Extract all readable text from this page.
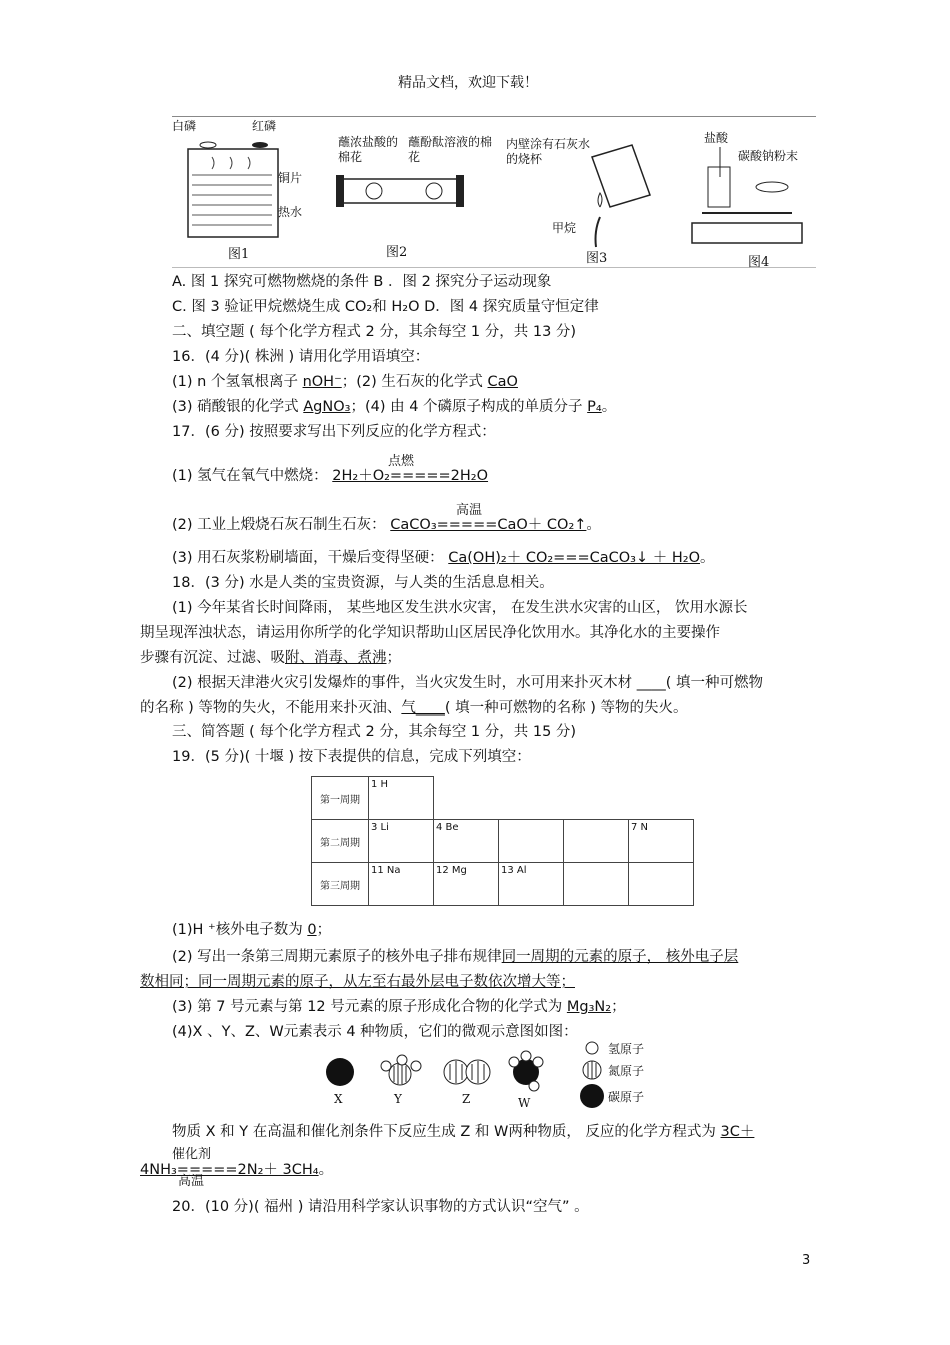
精品文档，欢迎下载！
白磷	红磷
铜片
热水
图1
蘸浓盐酸的棉花
蘸酚酞溶液的棉花
图2
内壁涂有石灰水的烧杯
甲烷
图3
盐酸
碳酸钠粉末
图4
A. 图 1 探究可燃物燃烧的条件 B ．图 2 探究分子运动现象
C. 图 3 验证甲烷燃烧生成 CO₂和 H₂O D．图 4 探究质量守恒定律
二、填空题 ( 每个化学方程式 2 分，其余每空 1 分，共 13 分)
16．(4 分)( 株洲 ) 请用化学用语填空：
(1) n 个氢氧根离子 nOH⁻；(2) 生石灰的化学式 CaO
(3) 硝酸银的化学式 AgNO₃；(4) 由 4 个磷原子构成的单质分子 P₄。
17．(6 分) 按照要求写出下列反应的化学方程式：
点燃
(1) 氢气在氧气中燃烧： 2H₂＋O₂=====2H₂O
高温
(2) 工业上煅烧石灰石制生石灰： CaCO₃=====CaO＋ CO₂↑。
(3) 用石灰浆粉刷墙面，干燥后变得坚硬： Ca(OH)₂＋ CO₂===CaCO₃↓ ＋ H₂O。
18．(3 分) 水是人类的宝贵资源，与人类的生活息息相关。
(1) 今年某省长时间降雨， 某些地区发生洪水灾害， 在发生洪水灾害的山区， 饮用水源长
期呈现浑浊状态，请运用你所学的化学知识帮助山区居民净化饮用水。其净化水的主要操作
步骤有沉淀、过滤、吸附、消毒、煮沸；
(2) 根据天津港火灾引发爆炸的事件，当火灾发生时，水可用来扑灭木材 ____( 填一种可燃物
的名称 ) 等物的失火，不能用来扑灭油、气____( 填一种可燃物的名称 ) 等物的失火。
三、简答题 ( 每个化学方程式 2 分，其余每空 1 分，共 15 分)
19．(5 分)( 十堰 ) 按下表提供的信息，完成下列填空：
第一周期	1 H				
第二周期	3 Li	4 Be			7 N
第三周期	11 Na	12 Mg	13 Al		
(1)H ⁺核外电子数为 0；
(2) 写出一条第三周期元素原子的核外电子排布规律同一周期的元素的原子， 核外电子层
数相同；同一周期元素的原子，从左至右最外层电子数依次增大等；
(3) 第 7 号元素与第 12 号元素的原子形成化合物的化学式为 Mg₃N₂；
(4)X 、Y、Z、W元素表示 4 种物质，它们的微观示意图如图：
X	Y	Z	W
氢原子
氮原子
碳原子
物质 X 和 Y 在高温和催化剂条件下反应生成 Z 和 W两种物质， 反应的化学方程式为 3C＋
催化剂
4NH₃=====2N₂＋ 3CH₄。
高温
20．(10 分)( 福州 ) 请沿用科学家认识事物的方式认识“空气” 。
3
